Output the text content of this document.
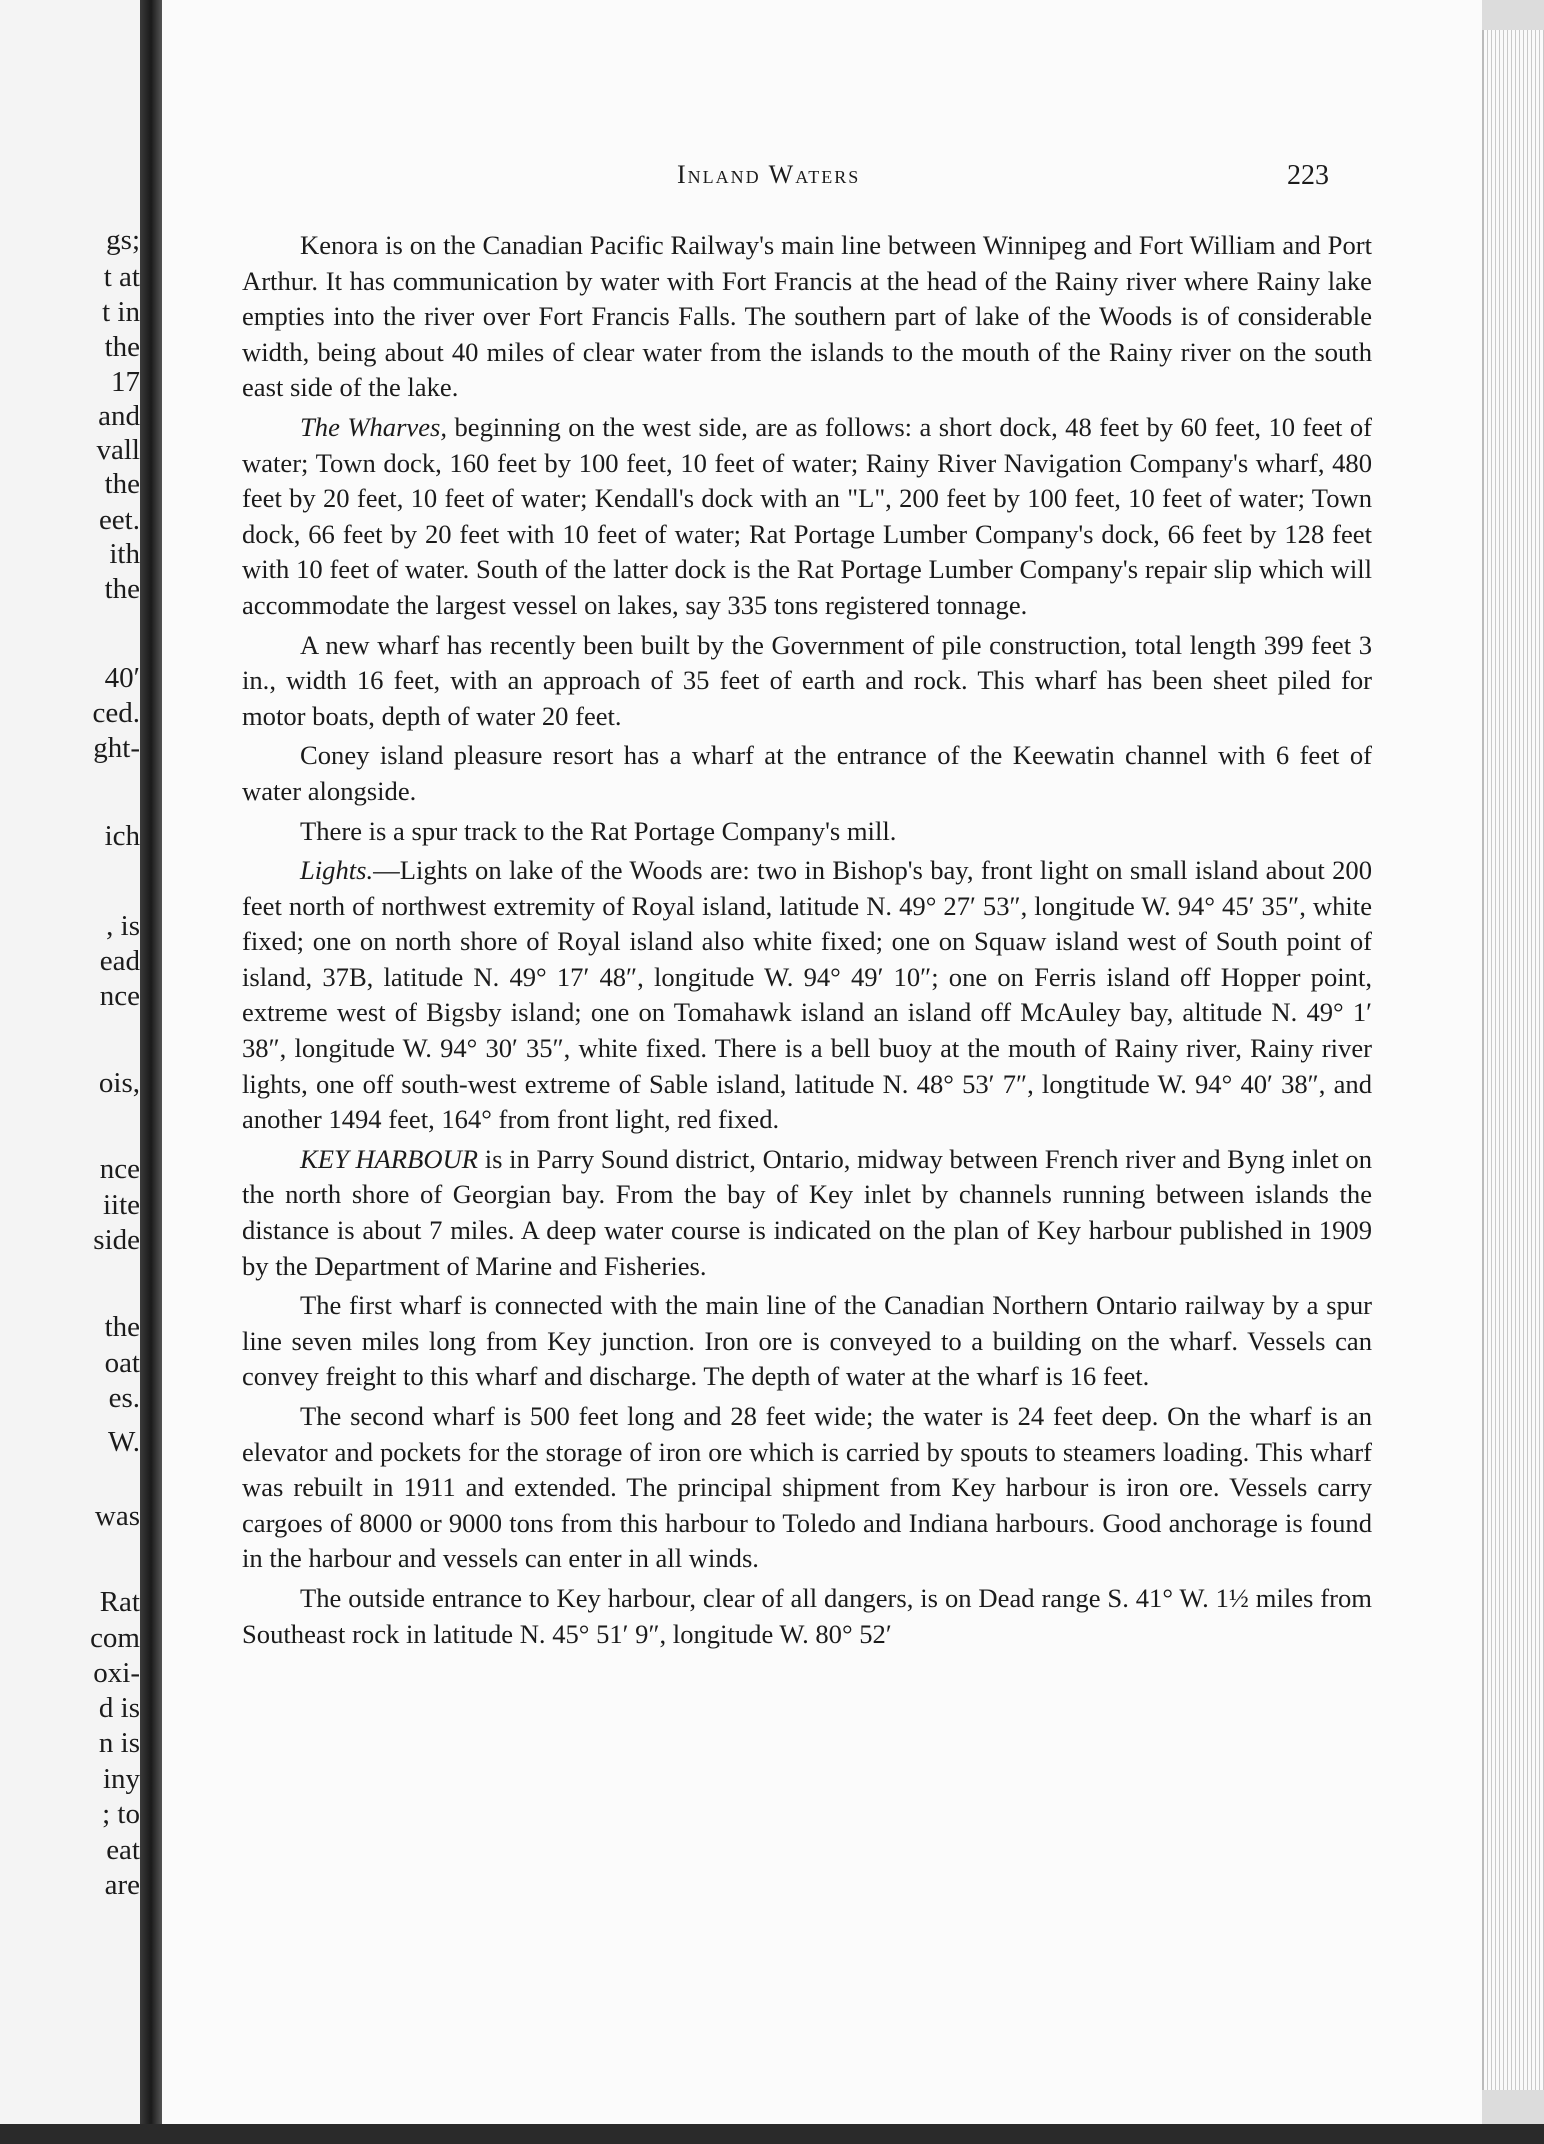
gs;
t at
t in
the
17
and
vall
the
eet.
ith
the
40′
ced.
ght-
ich
, is
ead
nce
ois,
nce
iite
side
the
oat
es.
W.
was
Rat
com
oxi-
d is
n is
iny
; to
eat
are
Inland Waters	223

Kenora is on the Canadian Pacific Railway's main line between Winnipeg and Fort William and Port Arthur. It has communication by water with Fort Francis at the head of the Rainy river where Rainy lake empties into the river over Fort Francis Falls. The southern part of lake of the Woods is of considerable width, being about 40 miles of clear water from the islands to the mouth of the Rainy river on the south east side of the lake.

The Wharves, beginning on the west side, are as follows: a short dock, 48 feet by 60 feet, 10 feet of water; Town dock, 160 feet by 100 feet, 10 feet of water; Rainy River Navigation Company's wharf, 480 feet by 20 feet, 10 feet of water; Kendall's dock with an "L", 200 feet by 100 feet, 10 feet of water; Town dock, 66 feet by 20 feet with 10 feet of water; Rat Portage Lumber Company's dock, 66 feet by 128 feet with 10 feet of water. South of the latter dock is the Rat Portage Lumber Company's repair slip which will accommodate the largest vessel on lakes, say 335 tons registered tonnage.

A new wharf has recently been built by the Government of pile construction, total length 399 feet 3 in., width 16 feet, with an approach of 35 feet of earth and rock. This wharf has been sheet piled for motor boats, depth of water 20 feet.

Coney island pleasure resort has a wharf at the entrance of the Keewatin channel with 6 feet of water alongside.

There is a spur track to the Rat Portage Company's mill.

Lights.—Lights on lake of the Woods are: two in Bishop's bay, front light on small island about 200 feet north of northwest extremity of Royal island, latitude N. 49° 27′ 53″, longitude W. 94° 45′ 35″, white fixed; one on north shore of Royal island also white fixed; one on Squaw island west of South point of island, 37B, latitude N. 49° 17′ 48″, longitude W. 94° 49′ 10″; one on Ferris island off Hopper point, extreme west of Bigsby island; one on Tomahawk island an island off McAuley bay, altitude N. 49° 1′ 38″, longitude W. 94° 30′ 35″, white fixed. There is a bell buoy at the mouth of Rainy river, Rainy river lights, one off south-west extreme of Sable island, latitude N. 48° 53′ 7″, longtitude W. 94° 40′ 38″, and another 1494 feet, 164° from front light, red fixed.

KEY HARBOUR is in Parry Sound district, Ontario, midway between French river and Byng inlet on the north shore of Georgian bay. From the bay of Key inlet by channels running between islands the distance is about 7 miles. A deep water course is indicated on the plan of Key harbour published in 1909 by the Department of Marine and Fisheries.

The first wharf is connected with the main line of the Canadian Northern Ontario railway by a spur line seven miles long from Key junction. Iron ore is conveyed to a building on the wharf. Vessels can convey freight to this wharf and discharge. The depth of water at the wharf is 16 feet.

The second wharf is 500 feet long and 28 feet wide; the water is 24 feet deep. On the wharf is an elevator and pockets for the storage of iron ore which is carried by spouts to steamers loading. This wharf was rebuilt in 1911 and extended. The principal shipment from Key harbour is iron ore. Vessels carry cargoes of 8000 or 9000 tons from this harbour to Toledo and Indiana harbours. Good anchorage is found in the harbour and vessels can enter in all winds.

The outside entrance to Key harbour, clear of all dangers, is on Dead range S. 41° W. 1½ miles from Southeast rock in latitude N. 45° 51′ 9″, longitude W. 80° 52′
